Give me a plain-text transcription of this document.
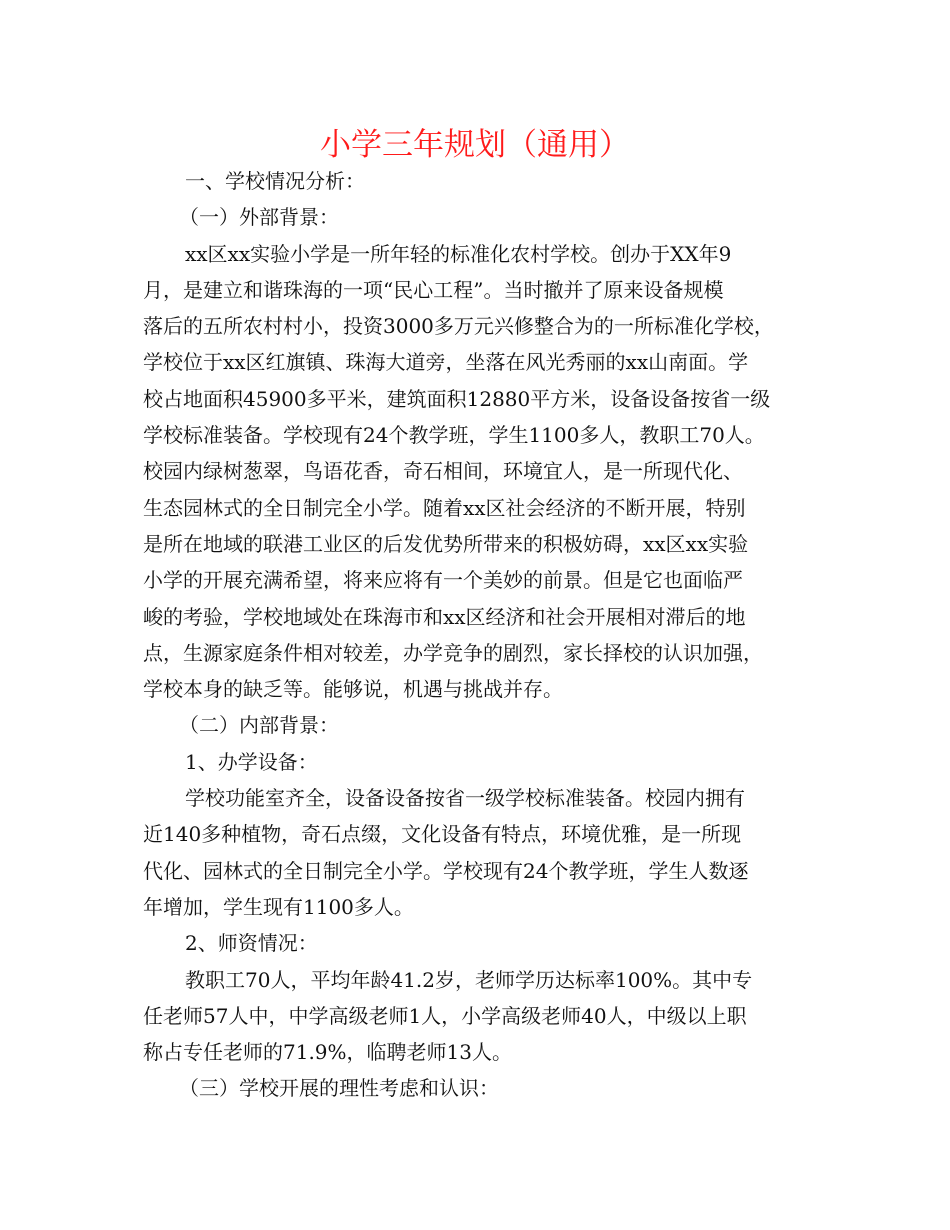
小学三年规划（通用）

一、学校情况分析：

（一）外部背景：

xx区xx实验小学是一所年轻的标准化农村学校。创办于XX年9

月，是建立和谐珠海的一项“民心工程”。当时撤并了原来设备规模

落后的五所农村村小，投资3000多万元兴修整合为的一所标准化学校，

学校位于xx区红旗镇、珠海大道旁，坐落在风光秀丽的xx山南面。学

校占地面积45900多平米，建筑面积12880平方米，设备设备按省一级

学校标准装备。学校现有24个教学班，学生1100多人，教职工70人。

校园内绿树葱翠，鸟语花香，奇石相间，环境宜人，是一所现代化、

生态园林式的全日制完全小学。随着xx区社会经济的不断开展，特别

是所在地域的联港工业区的后发优势所带来的积极妨碍，xx区xx实验

小学的开展充满希望，将来应将有一个美妙的前景。但是它也面临严

峻的考验，学校地域处在珠海市和xx区经济和社会开展相对滞后的地

点，生源家庭条件相对较差，办学竞争的剧烈，家长择校的认识加强，

学校本身的缺乏等。能够说，机遇与挑战并存。

（二）内部背景：

1、办学设备：

学校功能室齐全，设备设备按省一级学校标准装备。校园内拥有

近140多种植物，奇石点缀，文化设备有特点，环境优雅，是一所现

代化、园林式的全日制完全小学。学校现有24个教学班，学生人数逐

年增加，学生现有1100多人。

2、师资情况：

教职工70人，平均年龄41.2岁，老师学历达标率100%。其中专

任老师57人中，中学高级老师1人，小学高级老师40人，中级以上职

称占专任老师的71.9%，临聘老师13人。

（三）学校开展的理性考虑和认识：
